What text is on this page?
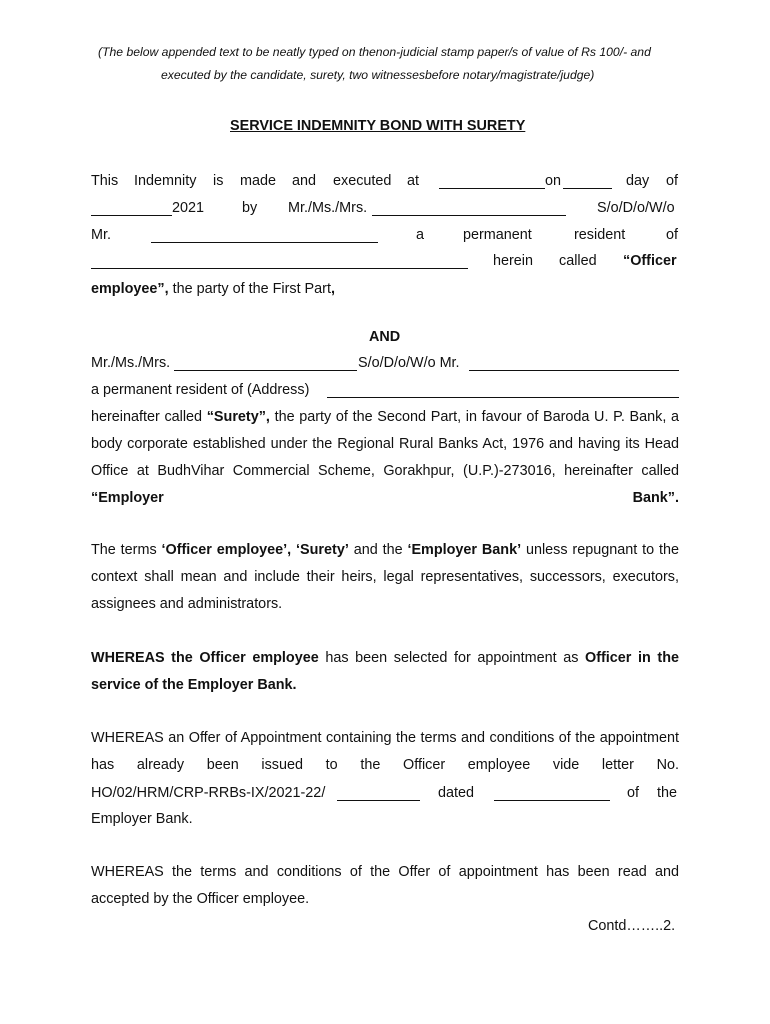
(The below appended text to be neatly typed on thenon-judicial stamp paper/s of value of Rs 100/- and
executed by the candidate, surety, two witnessesbefore notary/magistrate/judge)
SERVICE INDEMNITY BOND WITH SURETY
This Indemnity is made and executed at	on	day of
2021	by Mr./Ms./Mrs.	S/o/D/o/W/o
Mr.	a	permanent	resident	of
herein called “Officer
employee”, the party of the First Part,
AND
Mr./Ms./Mrs.	S/o/D/o/W/o Mr.
a permanent resident of (Address)
hereinafter called “Surety”, the party of the Second Part, in favour of Baroda U. P. Bank, a body corporate established under the Regional Rural Banks Act, 1976 and having its Head Office at BudhVihar Commercial Scheme, Gorakhpur, (U.P.)-273016, hereinafter called “Employer Bank”.
The terms ‘Officer employee’, ‘Surety’ and the ‘Employer Bank’ unless repugnant to the context shall mean and include their heirs, legal representatives, successors, executors, assignees and administrators.
WHEREAS the Officer employee has been selected for appointment as Officer in the service of the Employer Bank.
WHEREAS an Offer of Appointment containing the terms and conditions of the appointment has already been issued to the Officer employee vide letter No.
HO/02/HRM/CRP-RRBs-IX/2021-22/	dated	of the
Employer Bank.
WHEREAS the terms and conditions of the Offer of appointment has been read and accepted by the Officer employee.
Contd……..2.
